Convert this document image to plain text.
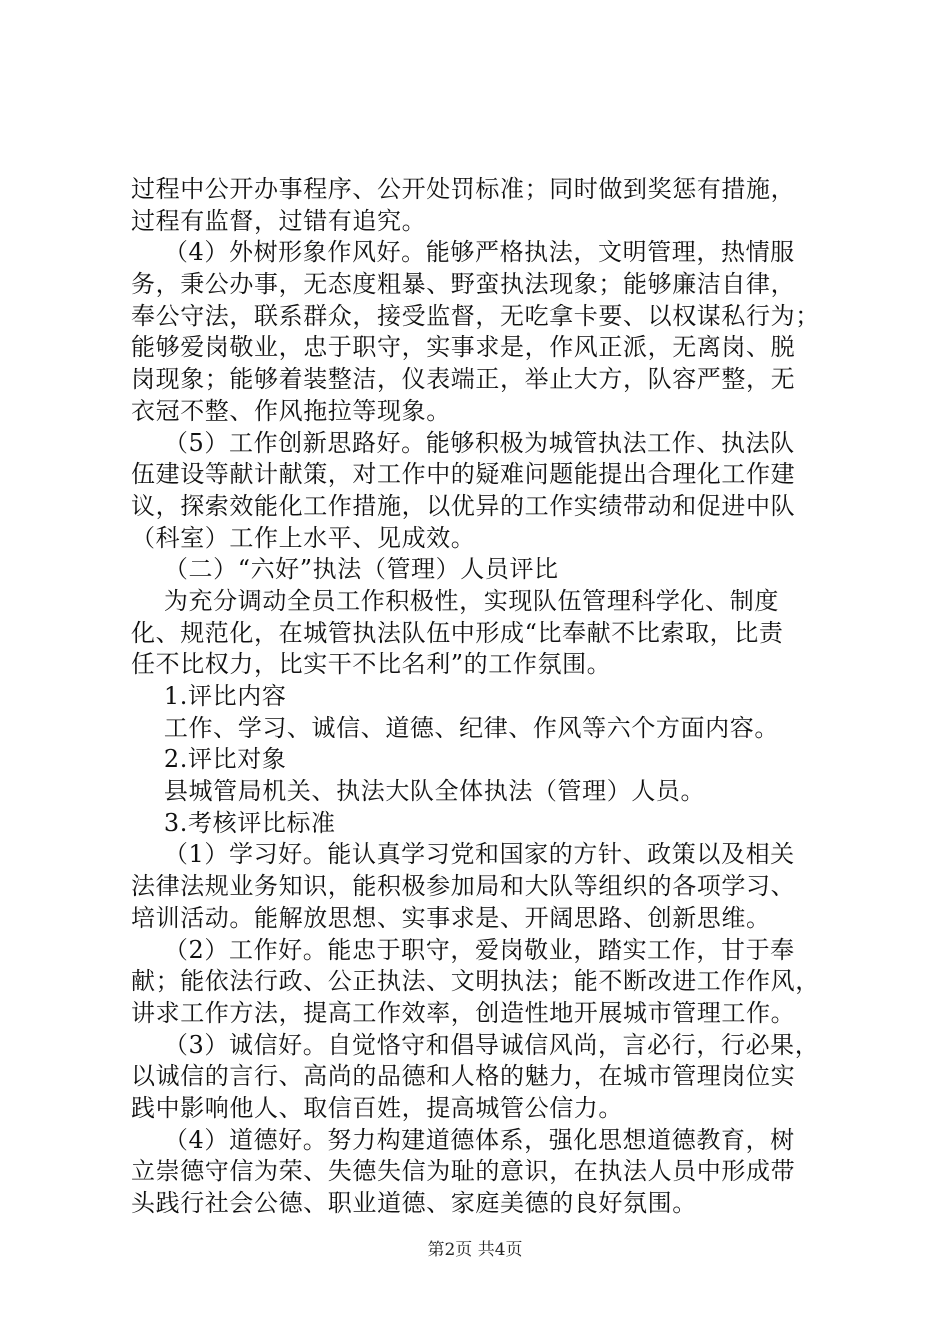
过程中公开办事程序、公开处罚标准；同时做到奖惩有措施，
过程有监督，过错有追究。
（4）外树形象作风好。能够严格执法，文明管理，热情服
务，秉公办事，无态度粗暴、野蛮执法现象；能够廉洁自律，
奉公守法，联系群众，接受监督，无吃拿卡要、以权谋私行为；
能够爱岗敬业，忠于职守，实事求是，作风正派，无离岗、脱
岗现象；能够着装整洁，仪表端正，举止大方，队容严整，无
衣冠不整、作风拖拉等现象。
（5）工作创新思路好。能够积极为城管执法工作、执法队
伍建设等献计献策，对工作中的疑难问题能提出合理化工作建
议，探索效能化工作措施，以优异的工作实绩带动和促进中队
（科室）工作上水平、见成效。
（二）“六好”执法（管理）人员评比
为充分调动全员工作积极性，实现队伍管理科学化、制度
化、规范化，在城管执法队伍中形成“比奉献不比索取，比责
任不比权力，比实干不比名利”的工作氛围。
1.评比内容
工作、学习、诚信、道德、纪律、作风等六个方面内容。
2.评比对象
县城管局机关、执法大队全体执法（管理）人员。
3.考核评比标准
（1）学习好。能认真学习党和国家的方针、政策以及相关
法律法规业务知识，能积极参加局和大队等组织的各项学习、
培训活动。能解放思想、实事求是、开阔思路、创新思维。
（2）工作好。能忠于职守，爱岗敬业，踏实工作，甘于奉
献；能依法行政、公正执法、文明执法；能不断改进工作作风，
讲求工作方法，提高工作效率，创造性地开展城市管理工作。
（3）诚信好。自觉恪守和倡导诚信风尚，言必行，行必果，
以诚信的言行、高尚的品德和人格的魅力，在城市管理岗位实
践中影响他人、取信百姓，提高城管公信力。
（4）道德好。努力构建道德体系，强化思想道德教育，树
立崇德守信为荣、失德失信为耻的意识，在执法人员中形成带
头践行社会公德、职业道德、家庭美德的良好氛围。
第2页 共4页
